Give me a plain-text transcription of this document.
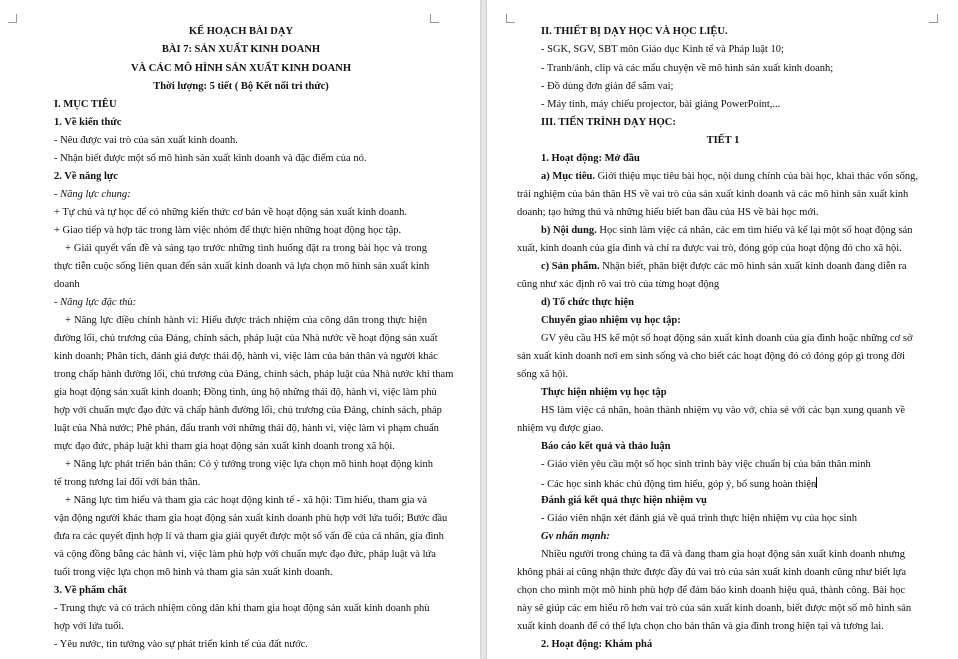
KẾ HOẠCH BÀI DẠY
BÀI 7: SẢN XUẤT KINH DOANH
VÀ CÁC MÔ HÌNH SẢN XUẤT KINH DOANH
Thời lượng: 5 tiết ( Bộ Kết nối tri thức)
I. MỤC TIÊU
1. Về kiến thức
- Nêu được vai trò của sản xuất kinh doanh.
- Nhận biết được một số mô hình sản xuất kinh doanh và đặc điểm của nó.
2. Về năng lực
- Năng lực chung:
+ Tự chủ và tự học để có những kiến thức cơ bản về hoạt động sản xuất kinh doanh.
+ Giao tiếp và hợp tác trong làm việc nhóm để thực hiện những hoạt động học tập.
+ Giải quyết vấn đề và sáng tạo trước những tình huống đặt ra trong bài học và trong
thực tiễn cuộc sống liên quan đến sản xuất kinh doanh và lựa chọn mô hình sản xuất kinh
doanh
- Năng lực đặc thù:
+ Năng lực điều chỉnh hành vi: Hiểu được trách nhiệm của công dân trong thực hiện
đường lối, chủ trương của Đảng, chính sách, pháp luật của Nhà nước về hoạt động sản xuất
kinh doanh; Phân tích, đánh giá được thái độ, hành vi, việc làm của bản thân và người khác
trong chấp hành đường lối, chủ trương của Đảng, chính sách, pháp luật của Nhà nước khi tham
gia hoạt động sản xuất kinh doanh; Đồng tình, ủng hộ những thái độ, hành vi, việc làm phù
hợp với chuẩn mực đạo đức và chấp hành đường lối, chủ trương của Đảng, chính sách, pháp
luật của Nhà nước; Phê phán, đấu tranh với những thái độ, hành vi, việc làm vi phạm chuẩn
mực đạo đức, pháp luật khi tham gia hoạt động sản xuất kinh doanh trong xã hội.
+ Năng lực phát triển bản thân: Có ý tưởng trong việc lựa chọn mô hình hoạt động kinh
tế trong tương lai đối với bản thân.
+ Năng lực tìm hiểu và tham gia các hoạt động kinh tế - xã hội: Tìm hiểu, tham gia và
vận động người khác tham gia hoạt động sản xuất kinh doanh phù hợp với lứa tuổi; Bước đầu
đưa ra các quyết định hợp lí và tham gia giải quyết được một số vấn đề của cá nhân, gia đình
và cộng đồng bằng các hành vi, việc làm phù hợp với chuẩn mực đạo đức, pháp luật và lứa
tuổi trong việc lựa chọn mô hình và tham gia sản xuất kinh doanh.
3. Về phẩm chất
- Trung thực và có trách nhiệm công dân khi tham gia hoạt động sản xuất kinh doanh phù
hợp với lứa tuổi.
- Yêu nước, tin tưởng vào sự phát triển kinh tế của đất nước.
II. THIẾT BỊ DẠY HỌC VÀ HỌC LIỆU.
- SGK, SGV, SBT môn Giáo dục Kinh tế và Pháp luật 10;
- Tranh/ảnh, clip và các mẩu chuyện về mô hình sản xuất kinh doanh;
- Đồ dùng đơn giản để sắm vai;
- Máy tính, máy chiếu projector, bài giảng PowerPoint,...
III. TIẾN TRÌNH DẠY HỌC:
TIẾT 1
1. Hoạt động: Mở đầu
a) Mục tiêu. Giới thiệu mục tiêu bài học, nội dung chính của bài học, khai thác vốn sống,
trải nghiệm của bản thân HS về vai trò của sản xuất kinh doanh và các mô hình sản xuất kinh
doanh; tạo hứng thú và những hiểu biết ban đầu của HS về bài học mới.
b) Nội dung. Học sinh làm việc cá nhân, các em tìm hiểu và kể lại một số hoạt động sản
xuất, kinh doanh của gia đình và chỉ ra được vai trò, đóng góp của hoạt động đó cho xã hội.
c) Sản phẩm. Nhận biết, phân biệt được các mô hình sản xuất kinh doanh đang diễn ra
cũng như xác định rõ vai trò của từng hoạt động
d) Tổ chức thực hiện
Chuyển giao nhiệm vụ học tập:
GV yêu cầu HS kể một số hoạt động sản xuất kinh doanh của gia đình hoặc những cơ sở
sản xuất kinh doanh nơi em sinh sống và cho biết các hoạt động đó có đóng góp gì trong đời
sống xã hội.
Thực hiện nhiệm vụ học tập
HS làm việc cá nhân, hoàn thành nhiệm vụ vào vở, chia sẻ với các bạn xung quanh về
nhiệm vụ được giao.
Báo cáo kết quả và thảo luận
- Giáo viên yêu cầu một số học sinh trình bày việc chuẩn bị của bản thân mình
- Các học sinh khác chủ động tìm hiểu, góp ý, bổ sung hoàn thiện
Đánh giá kết quả thực hiện nhiệm vụ
- Giáo viên nhận xét đánh giá về quá trình thực hiện nhiệm vụ của học sinh
Gv nhấn mạnh:
Nhiều người trong chúng ta đã và đang tham gia hoạt động sản xuất kinh doanh nhưng
không phải ai cũng nhận thức được đầy đủ vai trò của sản xuất kinh doanh cũng như biết lựa
chọn cho mình một mô hình phù hợp để đảm bảo kinh doanh hiệu quả, thành công. Bài học
này sẽ giúp các em hiểu rõ hơn vai trò của sản xuất kinh doanh, biết được một số mô hình sản
xuất kinh doanh để có thể lựa chọn cho bản thân và gia đình trong hiện tại và tương lai.
2. Hoạt động: Khám phá
